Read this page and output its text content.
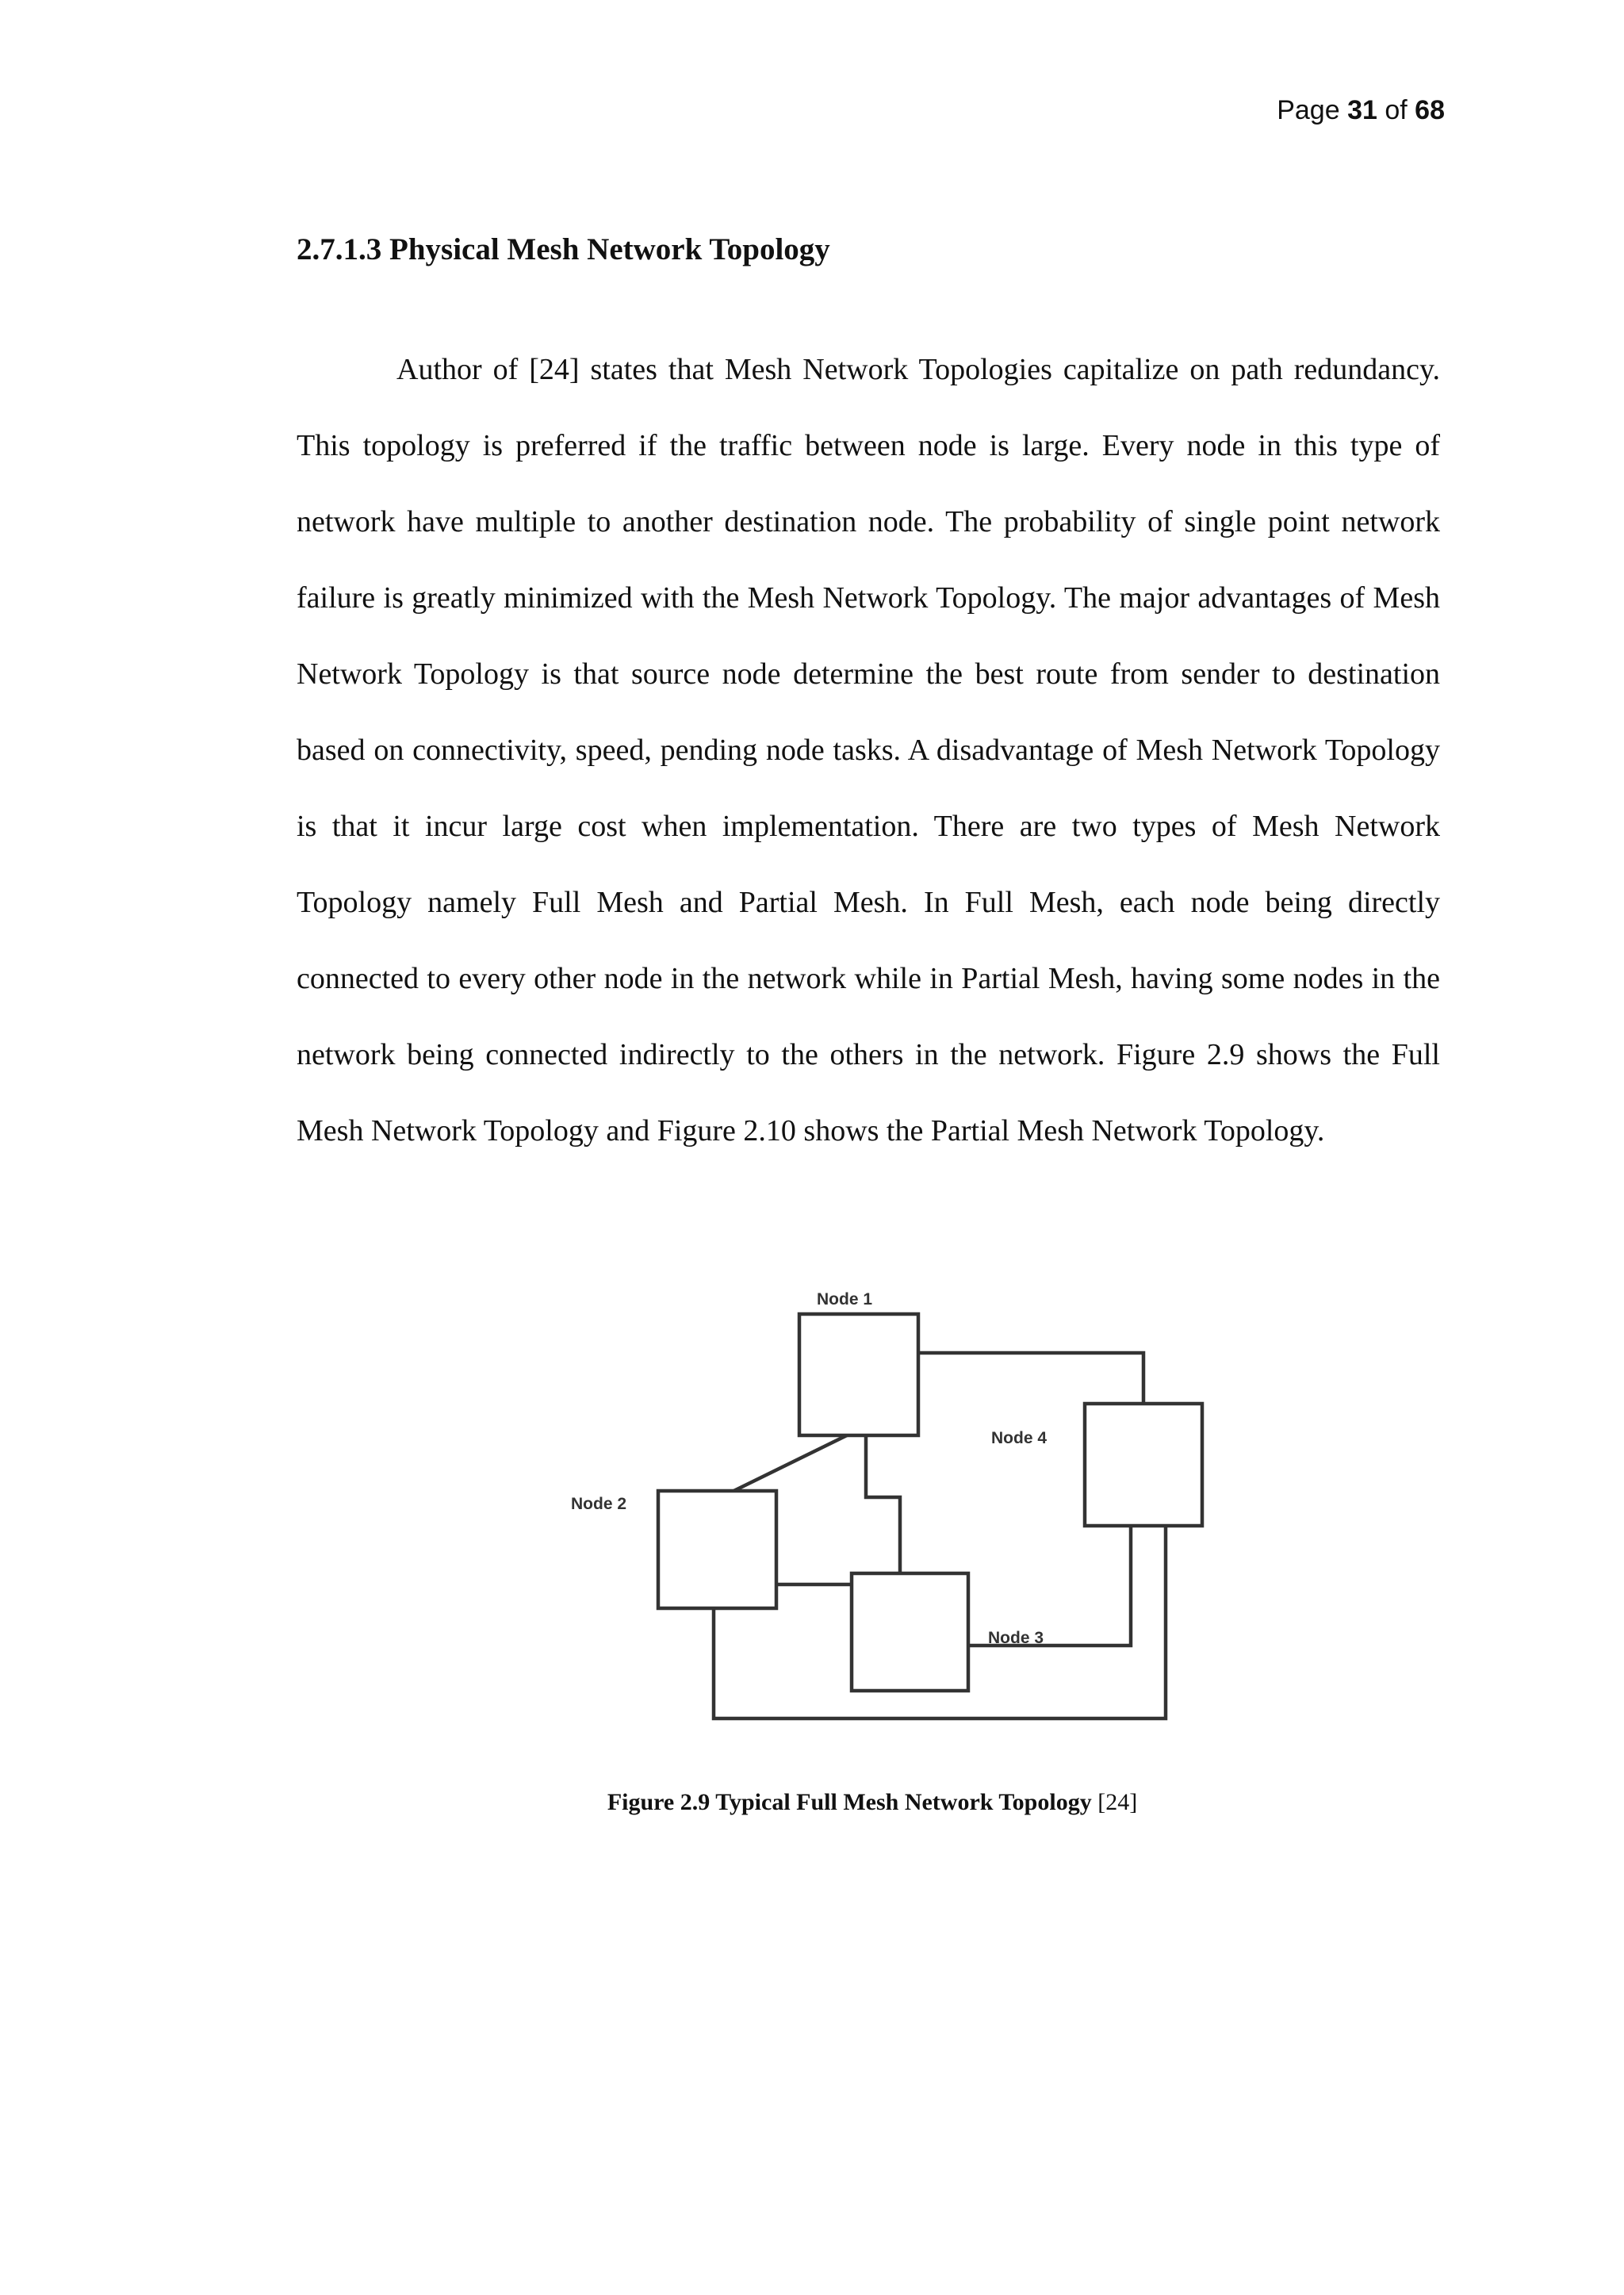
Page 31 of 68
2.7.1.3 Physical Mesh Network Topology

Author of [24] states that Mesh Network Topologies capitalize on path redundancy. This topology is preferred if the traffic between node is large. Every node in this type of network have multiple to another destination node. The probability of single point network failure is greatly minimized with the Mesh Network Topology. The major advantages of Mesh Network Topology is that source node determine the best route from sender to destination based on connectivity, speed, pending node tasks. A disadvantage of Mesh Network Topology is that it incur large cost when implementation. There are two types of Mesh Network Topology namely Full Mesh and Partial Mesh. In Full Mesh, each node being directly connected to every other node in the network while in Partial Mesh, having some nodes in the network being connected indirectly to the others in the network. Figure 2.9 shows the Full Mesh Network Topology and Figure 2.10 shows the Partial Mesh Network Topology.

Node 1
Node 2
Node 3
Node 4
Figure 2.9 Typical Full Mesh Network Topology [24]
